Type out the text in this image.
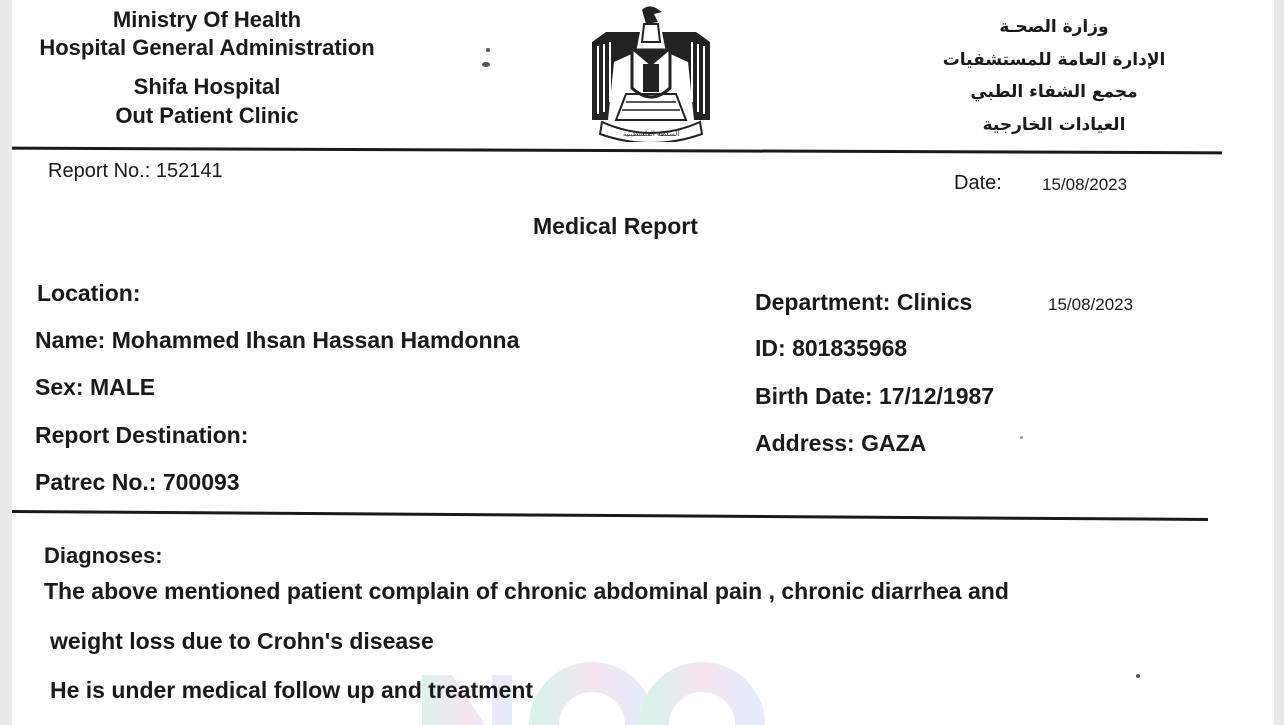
Ministry Of Health
Hospital General Administration
Shifa Hospital
Out Patient Clinic
السلطة الفلسطينية
وزارة الصحـة
الإدارة العامة للمستشفيات
مجمع الشفاء الطبي
العيادات الخارجية
Report No.: 152141
Date: 15/08/2023
Medical Report
Location:
Name: Mohammed Ihsan Hassan Hamdonna
Sex: MALE
Report Destination:
Patrec No.: 700093
Department: Clinics	15/08/2023
ID: 801835968
Birth Date: 17/12/1987
Address: GAZA
Diagnoses:
The above mentioned patient complain of chronic abdominal pain , chronic diarrhea and
weight loss due to Crohn's disease
He is under medical follow up and treatment
